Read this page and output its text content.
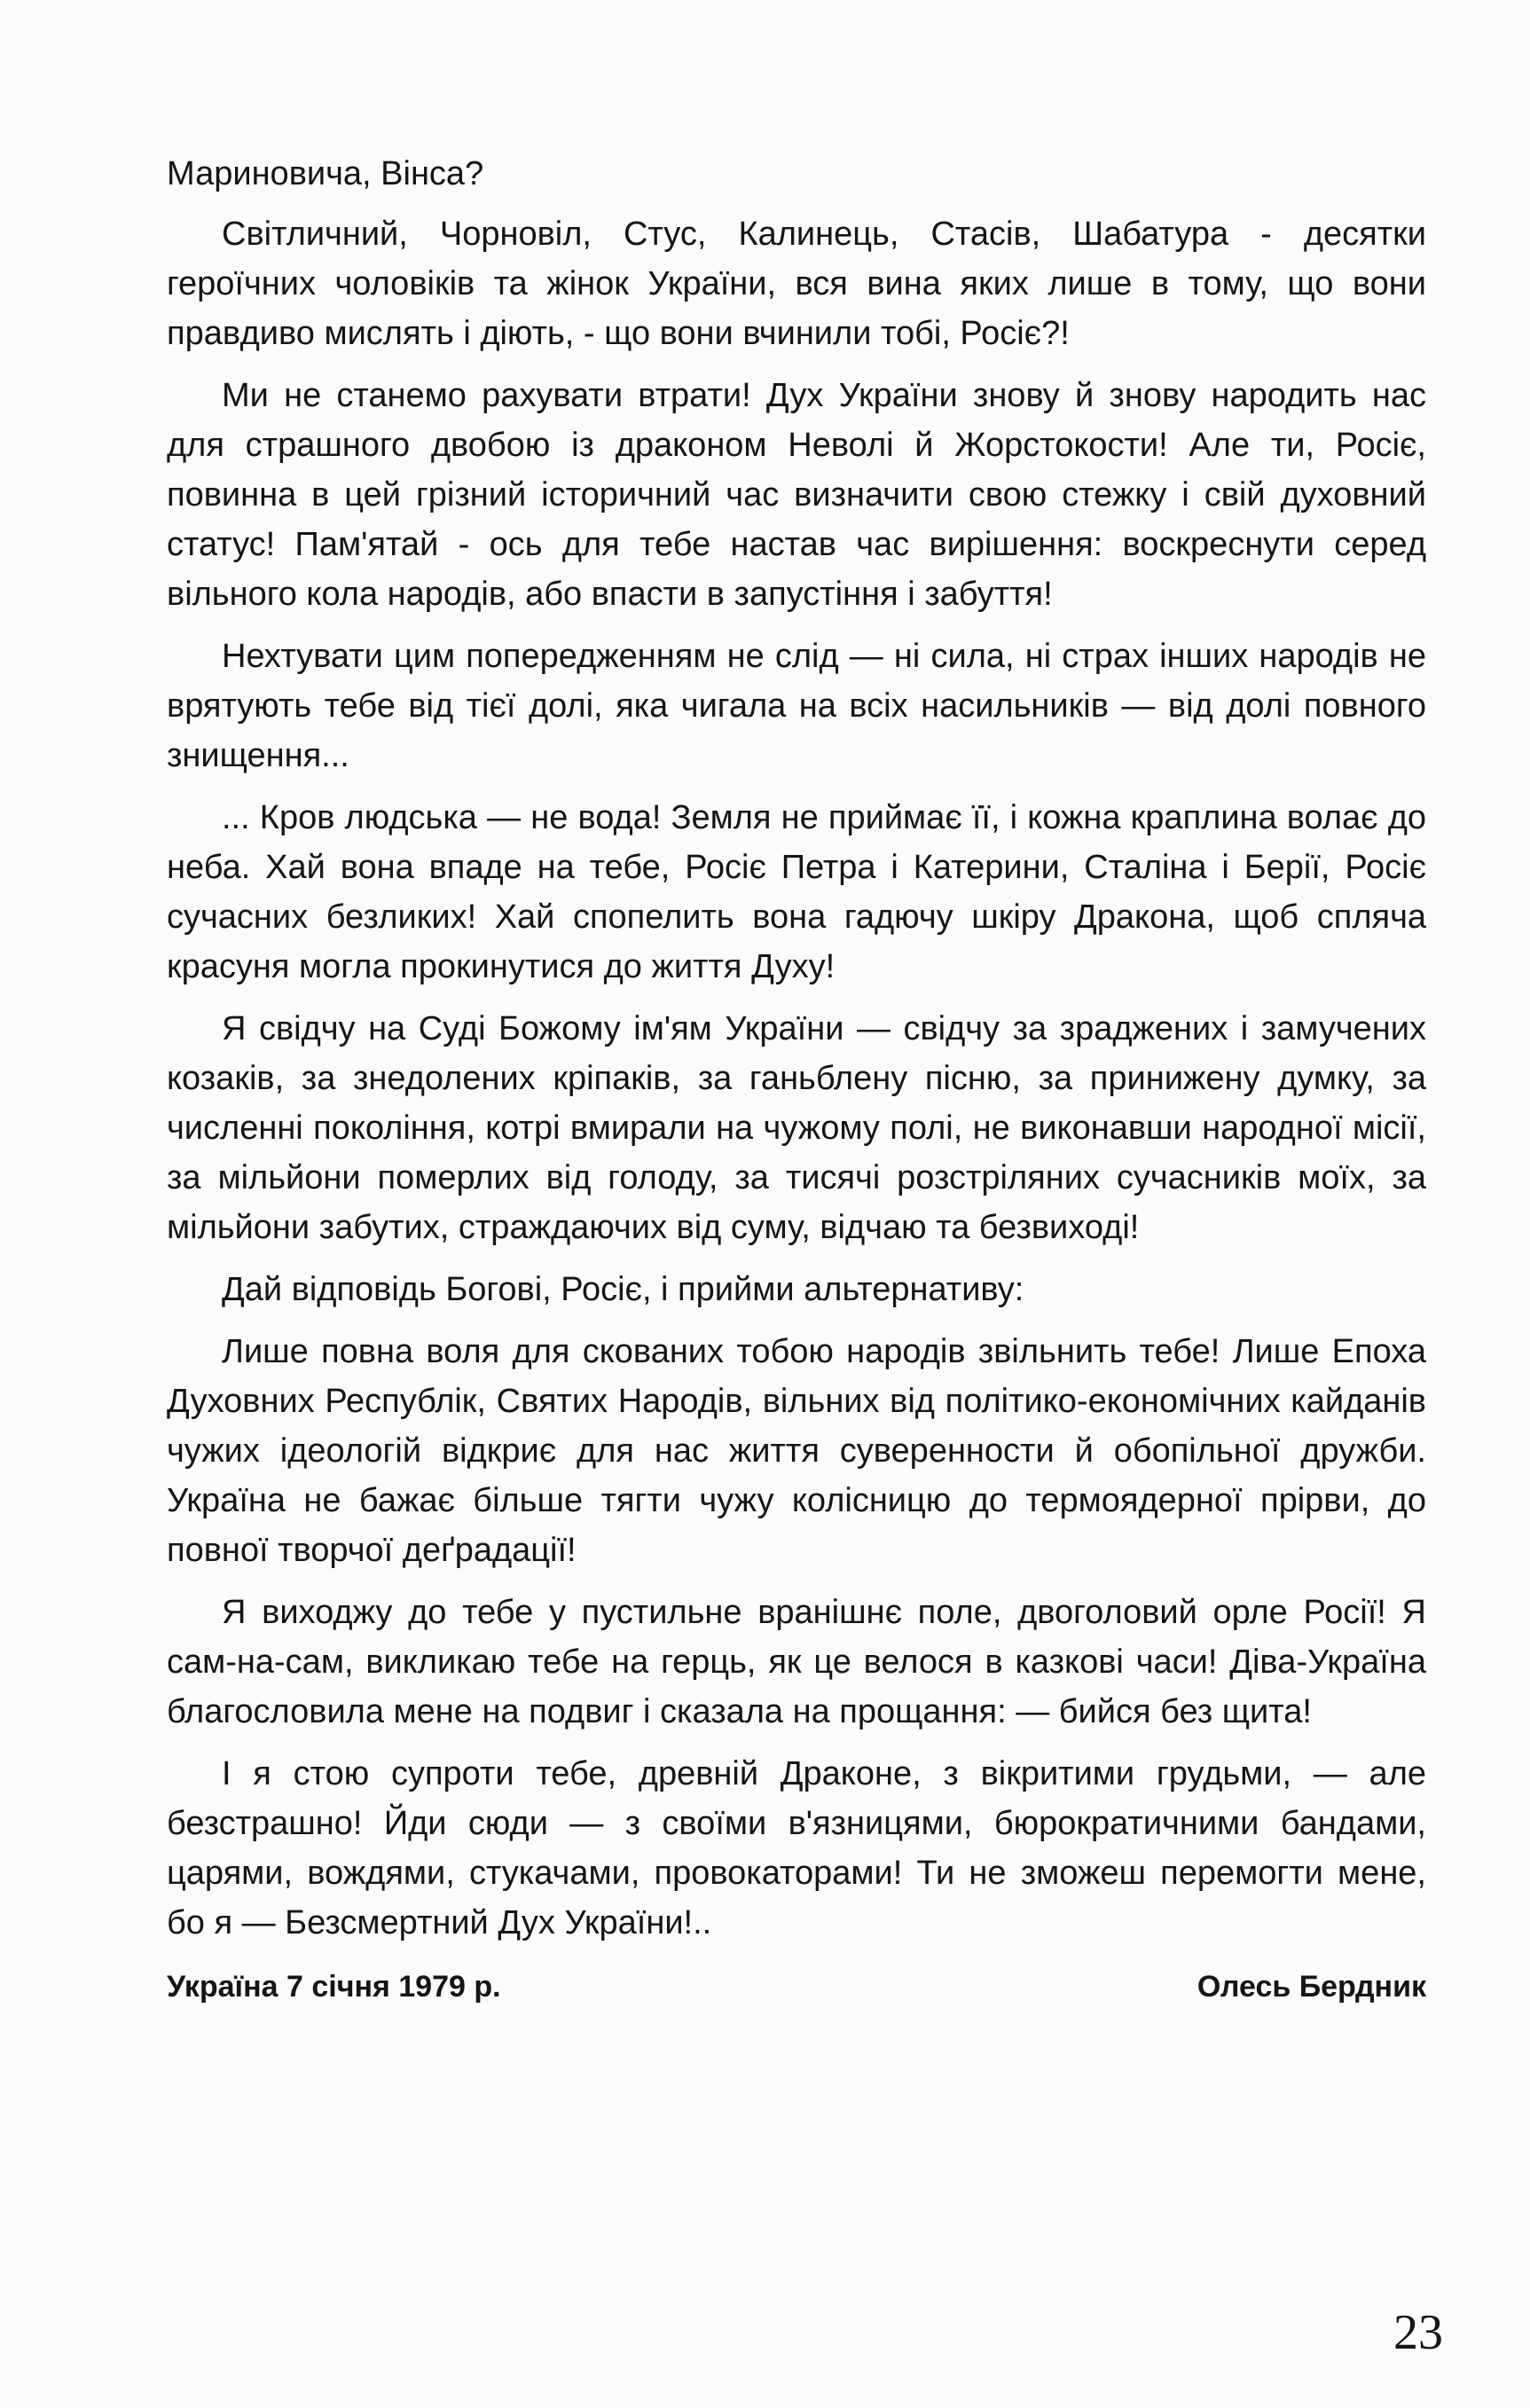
Мариновича, Вінса?

Світличний, Чорновіл, Стус, Калинець, Стасів, Шабатура - десятки героїчних чоловіків та жінок України, вся вина яких лише в тому, що вони правдиво мислять і діють, - що вони вчинили тобі, Росіє?!

Ми не станемо рахувати втрати! Дух України знову й знову народить нас для страшного двобою із драконом Неволі й Жорстокости! Але ти, Росіє, повинна в цей грізний історичний час визначити свою стежку і свій духовний статус! Пам'ятай - ось для тебе настав час вирішення: воскреснути серед вільного кола народів, або впасти в запустіння і забуття!

Нехтувати цим попередженням не слід — ні сила, ні страх інших народів не врятують тебе від тієї долі, яка чигала на всіх насильників — від долі повного знищення...

... Кров людська — не вода! Земля не приймає її, і кожна краплина волає до неба. Хай вона впаде на тебе, Росіє Петра і Катерини, Сталіна і Берії, Росіє сучасних безликих! Хай спопелить вона гадючу шкіру Дракона, щоб спляча красуня могла прокинутися до життя Духу!

Я свідчу на Суді Божому ім'ям України — свідчу за зраджених і замучених козаків, за знедолених кріпаків, за ганьблену пісню, за принижену думку, за численні покоління, котрі вмирали на чужому полі, не виконавши народної місії, за мільйони померлих від голоду, за тисячі розстріляних сучасників моїх, за мільйони забутих, страждаючих від суму, відчаю та безвиході!

Дай відповідь Богові, Росіє, і прийми альтернативу:

Лише повна воля для скованих тобою народів звільнить тебе! Лише Епоха Духовних Республік, Святих Народів, вільних від політико-економічних кайданів чужих ідеологій відкриє для нас життя суверенности й обопільної дружби. Україна не бажає більше тягти чужу колісницю до термоядерної прірви, до повної творчої деґрадації!

Я виходжу до тебе у пустильне вранішнє поле, двоголовий орле Росії! Я сам-на-сам, викликаю тебе на герць, як це велося в казкові часи! Діва-Україна благословила мене на подвиг і сказала на прощання: — бийся без щита!

І я стою супроти тебе, древній Драконе, з вікритими грудьми, — але безстрашно! Йди сюди — з своїми в'язницями, бюрократичними бандами, царями, вождями, стукачами, провокаторами! Ти не зможеш перемогти мене, бо я — Безсмертний Дух України!..

Україна 7 січня 1979 р.	Олесь Бердник
23
